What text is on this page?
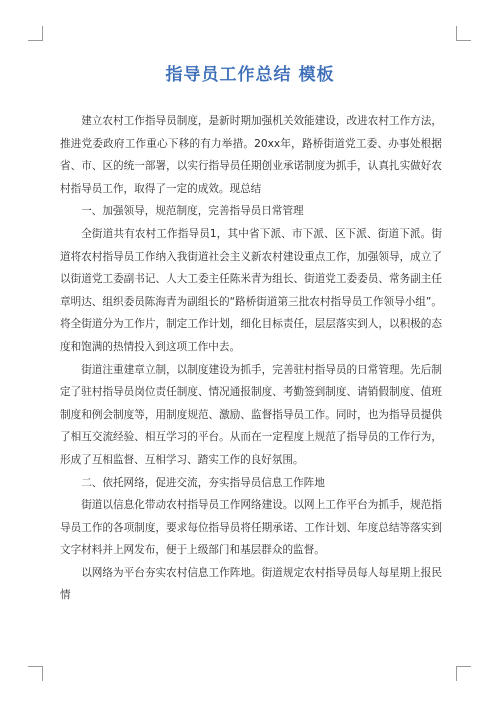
指导员工作总结 模板

建立农村工作指导员制度，是新时期加强机关效能建设，改进农村工作方法，推进党委政府工作重心下移的有力举措。20xx年，路桥街道党工委、办事处根据省、市、区的统一部署，以实行指导员任期创业承诺制度为抓手，认真扎实做好农村指导员工作，取得了一定的成效。现总结

一、加强领导，规范制度，完善指导员日常管理

全街道共有农村工作指导员1，其中省下派、市下派、区下派、街道下派。街道将农村指导员工作纳入我街道社会主义新农村建设重点工作，加强领导，成立了以街道党工委副书记、人大工委主任陈米青为组长、街道党工委委员、常务副主任章明达、组织委员陈海青为副组长的“路桥街道第三批农村指导员工作领导小组”。将全街道分为工作片，制定工作计划，细化目标责任，层层落实到人，以积极的态度和饱满的热情投入到这项工作中去。

街道注重建章立制，以制度建设为抓手，完善驻村指导员的日常管理。先后制定了驻村指导员岗位责任制度、情况通报制度、考勤签到制度、请销假制度、值班制度和例会制度等，用制度规范、激励、监督指导员工作。同时，也为指导员提供了相互交流经验、相互学习的平台。从而在一定程度上规范了指导员的工作行为，形成了互相监督、互相学习、踏实工作的良好氛围。

二、依托网络，促进交流，夯实指导员信息工作阵地

街道以信息化带动农村指导员工作网络建设。以网上工作平台为抓手，规范指导员工作的各项制度，要求每位指导员将任期承诺、工作计划、年度总结等落实到文字材料并上网发布，便于上级部门和基层群众的监督。

以网络为平台夯实农村信息工作阵地。街道规定农村指导员每人每星期上报民情
